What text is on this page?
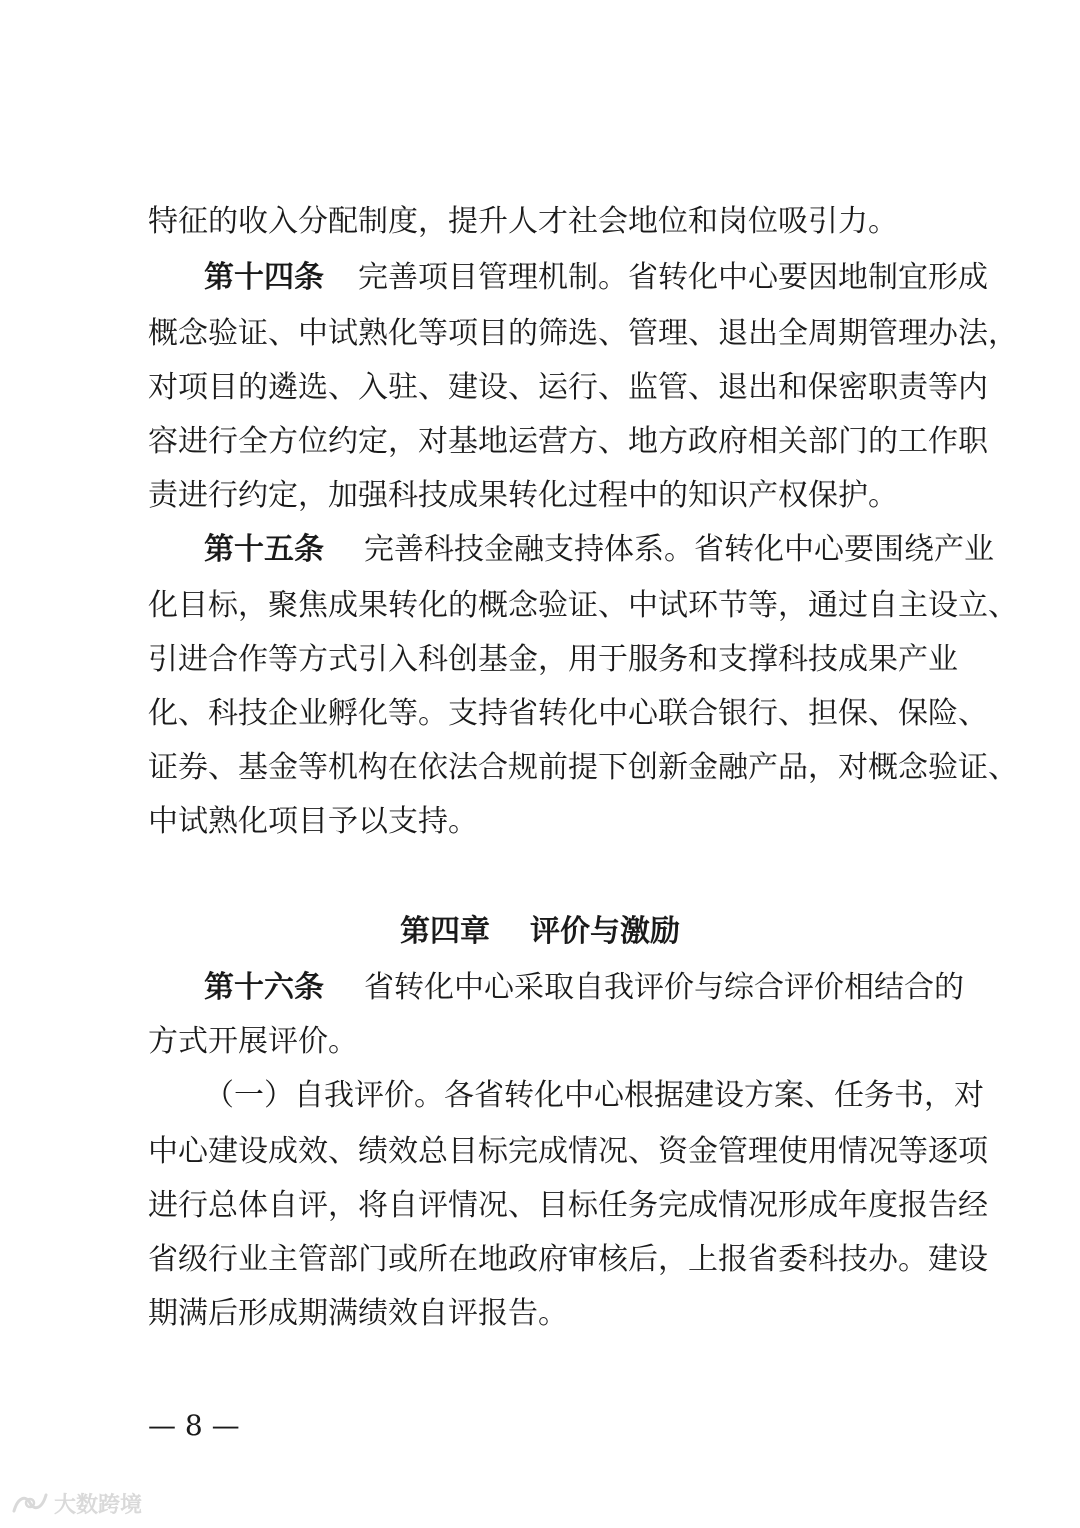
特征的收入分配制度，提升人才社会地位和岗位吸引力。
第十四条 完善项目管理机制。省转化中心要因地制宜形成
概念验证、中试熟化等项目的筛选、管理、退出全周期管理办法，
对项目的遴选、入驻、建设、运行、监管、退出和保密职责等内
容进行全方位约定，对基地运营方、地方政府相关部门的工作职
责进行约定，加强科技成果转化过程中的知识产权保护。
第十五条 完善科技金融支持体系。省转化中心要围绕产业
化目标，聚焦成果转化的概念验证、中试环节等，通过自主设立、
引进合作等方式引入科创基金，用于服务和支撑科技成果产业
化、科技企业孵化等。支持省转化中心联合银行、担保、保险、
证券、基金等机构在依法合规前提下创新金融产品，对概念验证、
中试熟化项目予以支持。
第四章 评价与激励
第十六条 省转化中心采取自我评价与综合评价相结合的
方式开展评价。
（一）自我评价。各省转化中心根据建设方案、任务书，对
中心建设成效、绩效总目标完成情况、资金管理使用情况等逐项
进行总体自评，将自评情况、目标任务完成情况形成年度报告经
省级行业主管部门或所在地政府审核后，上报省委科技办。建设
期满后形成期满绩效自评报告。
— 8 —
大数跨境
